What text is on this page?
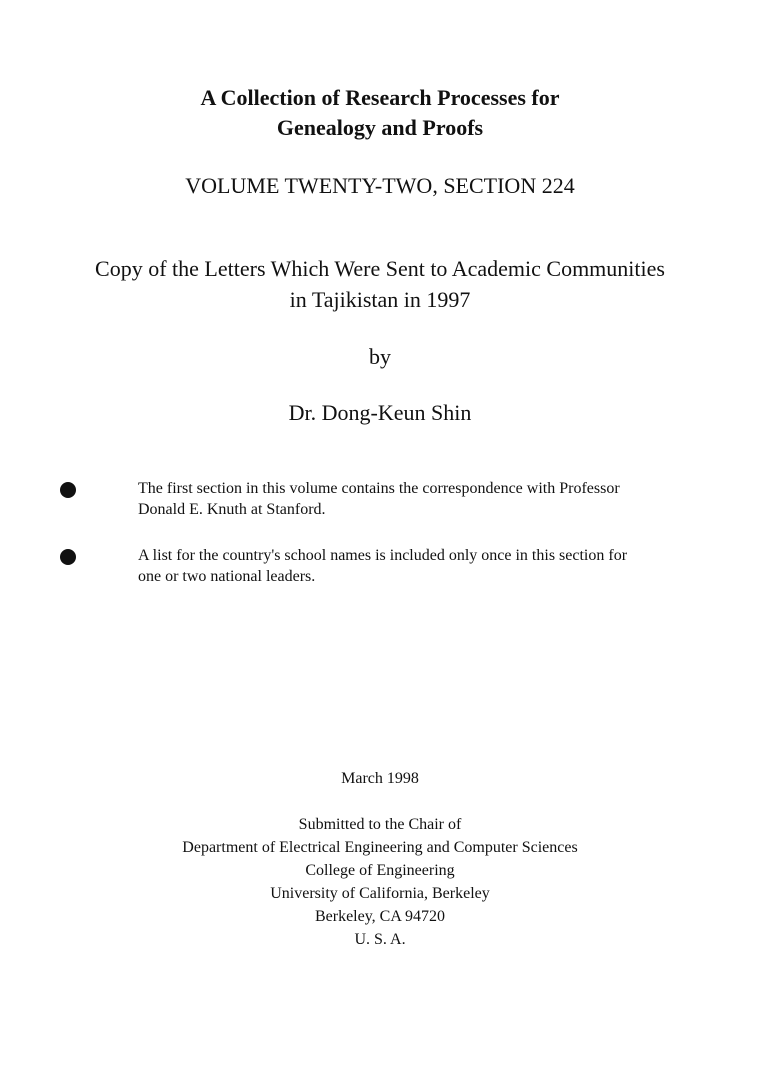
A Collection of Research Processes for
Genealogy and Proofs
VOLUME TWENTY-TWO, SECTION 224
Copy of the Letters Which Were Sent to Academic Communities
in Tajikistan in 1997
by
Dr. Dong-Keun Shin
The first section in this volume contains the correspondence with Professor
Donald E. Knuth at Stanford.
A list for the country's school names is included only once in this section for
one or two national leaders.
March 1998
Submitted to the Chair of
Department of Electrical Engineering and Computer Sciences
College of Engineering
University of California, Berkeley
Berkeley, CA 94720
U. S. A.
